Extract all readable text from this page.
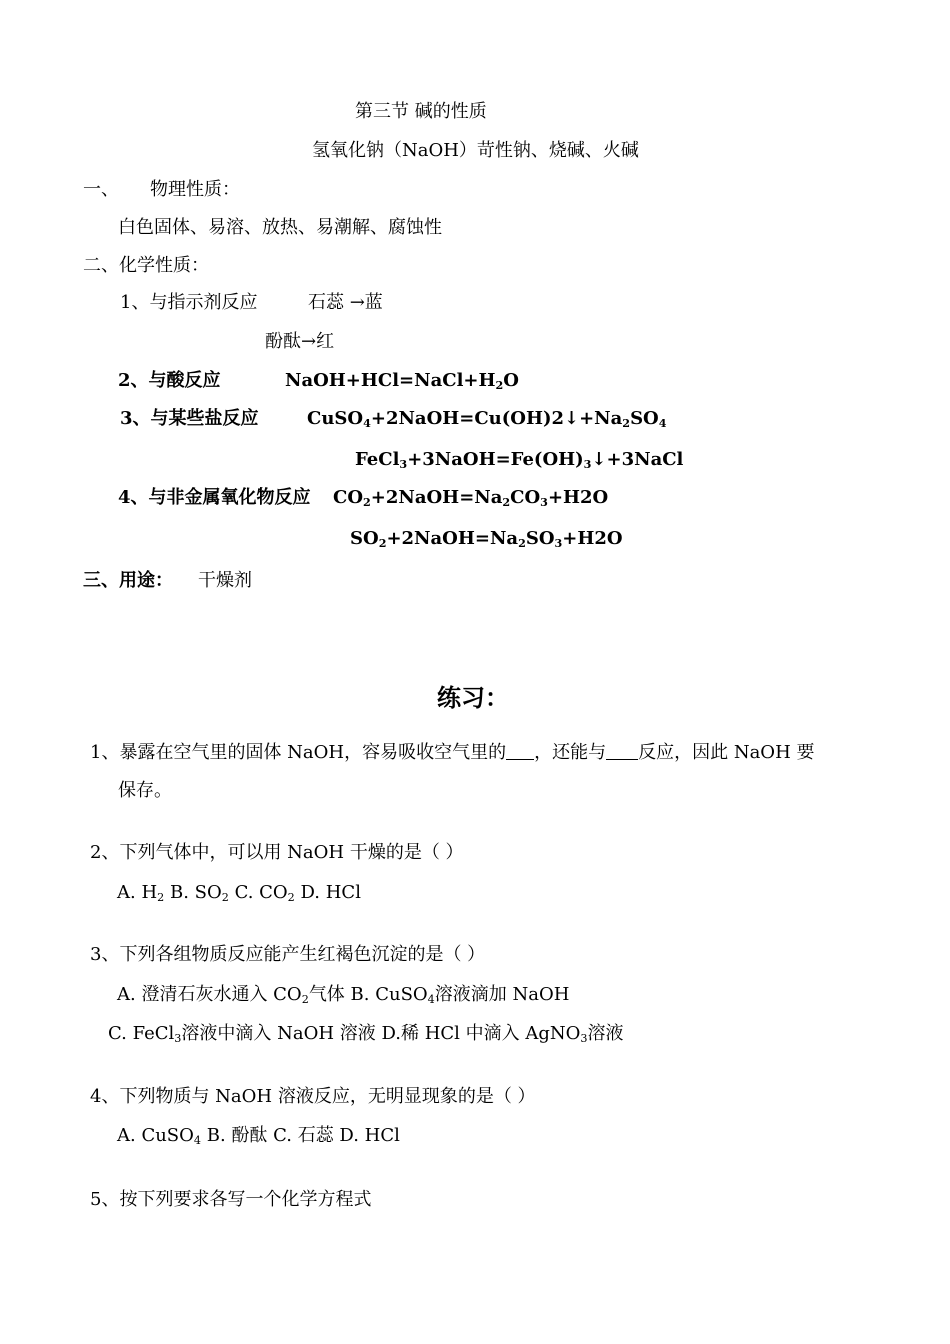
第三节 碱的性质
氢氧化钠（NaOH）苛性钠、烧碱、火碱
一、 物理性质：
白色固体、易溶、放热、易潮解、腐蚀性
二、化学性质：
1、与指示剂反应	石蕊 →蓝
酚酞→红
2、与酸反应	$NaOH+HCl=NaCl+H_2O$
3、与某些盐反应	$CuSO_4+2NaOH=Cu(OH)2↓+Na_2SO_4$
$FeCl_3+3NaOH=Fe(OH)_3↓+3NaCl$
4、与非金属氧化物反应 $CO_2+2NaOH=Na_2CO_3+H2O$
$SO_2+2NaOH=Na_2SO_3+H2O$
三、用途： 干燥剂
练习：
1、暴露在空气里的固体 NaOH，容易吸收空气里的 ，还能与 反应，因此 NaOH 要
保存。
2、下列气体中，可以用 NaOH 干燥的是（ ）
A. $H_2$ B. $SO_2$ C. $CO_2$ D. HCl
3、下列各组物质反应能产生红褐色沉淀的是（ ）
A. 澄清石灰水通入 $CO_2$气体 B. CuSO$_4$溶液滴加 NaOH
C. FeCl$_3$溶液中滴入 NaOH 溶液 D.稀 HCl 中滴入 AgNO$_3$溶液
4、下列物质与 NaOH 溶液反应，无明显现象的是（ ）
A. CuSO$_4$ B. 酚酞 C. 石蕊 D. HCl
5、按下列要求各写一个化学方程式
